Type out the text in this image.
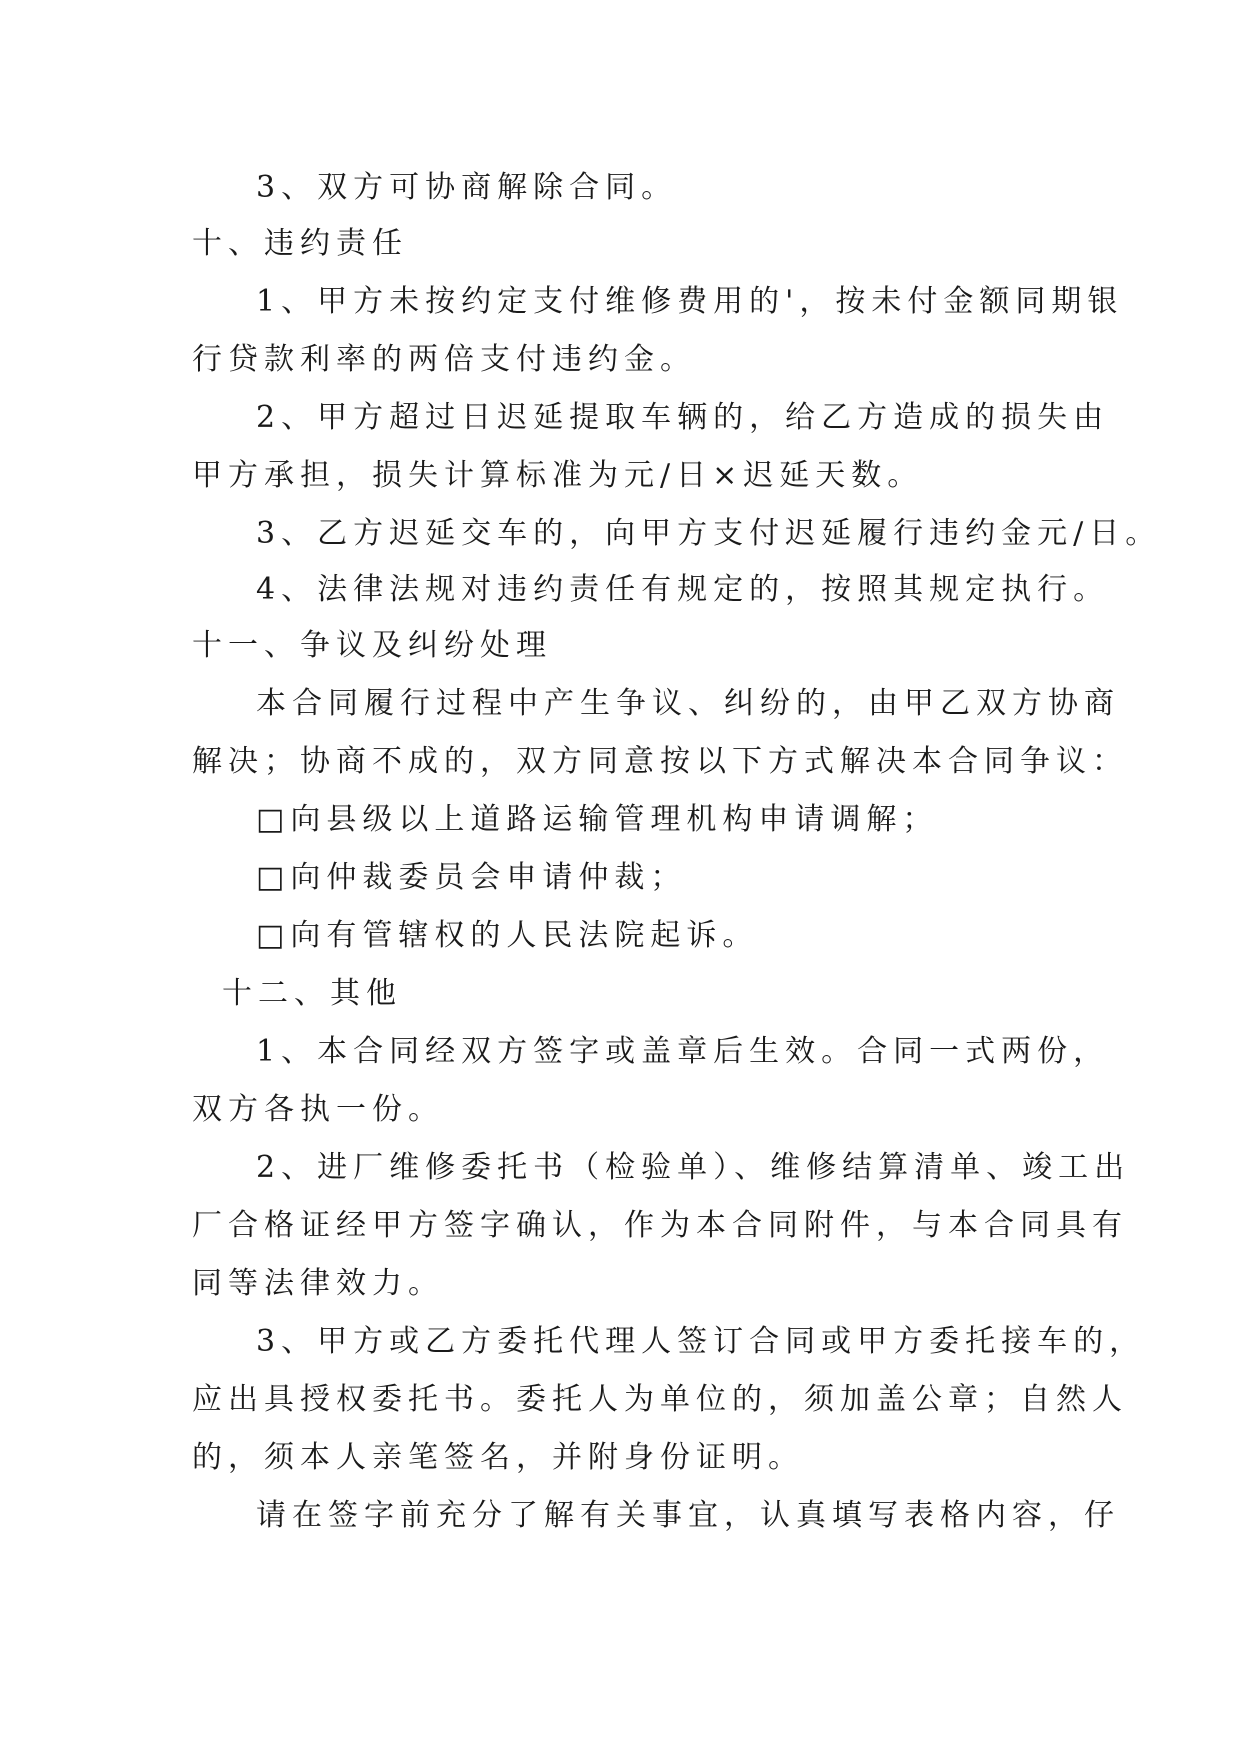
3、双方可协商解除合同。
十、违约责任
1、甲方未按约定支付维修费用的'，按未付金额同期银
行贷款利率的两倍支付违约金。
2、甲方超过日迟延提取车辆的，给乙方造成的损失由
甲方承担，损失计算标准为元/日×迟延天数。
3、乙方迟延交车的，向甲方支付迟延履行违约金元/日。
4、法律法规对违约责任有规定的，按照其规定执行。
十一、争议及纠纷处理
本合同履行过程中产生争议、纠纷的，由甲乙双方协商
解决；协商不成的，双方同意按以下方式解决本合同争议：
□向县级以上道路运输管理机构申请调解；
□向仲裁委员会申请仲裁；
□向有管辖权的人民法院起诉。
十二、其他
1、本合同经双方签字或盖章后生效。合同一式两份，
双方各执一份。
2、进厂维修委托书（检验单）、维修结算清单、竣工出
厂合格证经甲方签字确认，作为本合同附件，与本合同具有
同等法律效力。
3、甲方或乙方委托代理人签订合同或甲方委托接车的，
应出具授权委托书。委托人为单位的，须加盖公章；自然人
的，须本人亲笔签名，并附身份证明。
请在签字前充分了解有关事宜，认真填写表格内容，仔
